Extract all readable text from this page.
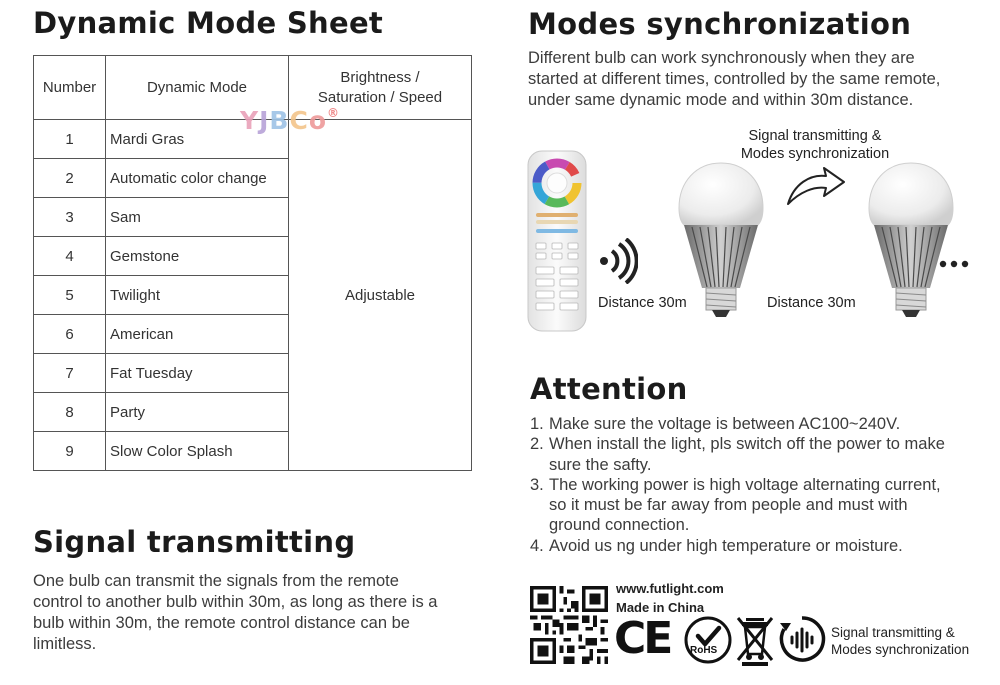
Dynamic Mode Sheet
Number	Dynamic Mode	Brightness /
Saturation / Speed

1	Mardi Gras	Adjustable
2	Automatic color change	
3	Sam	
4	Gemstone	
5	Twilight	
6	American	
7	Fat Tuesday	
8	Party	
9	Slow Color Splash	
YJBCo®
Signal transmitting
One bulb can transmit the signals from the remote
control to another bulb within 30m, as long as there is a
bulb within 30m, the remote control distance can be
limitless.
Modes synchronization
Different bulb can work synchronously when they are
started at different times, controlled by the same remote,
under same dynamic mode and within 30m distance.
Signal transmitting &
Modes synchronization
Distance 30m	Distance 30m
Attention
1. Make sure the voltage is between AC100~240V.
2. When install the light, pls switch off the power to make
sure the safty.
3. The working power is high voltage alternating current,
so it must be far away from people and must with
ground connection.
4. Avoid us ng under high temperature or moisture.
www.futlight.com
Made in China
CE RoHS
Signal transmitting &
Modes synchronization
